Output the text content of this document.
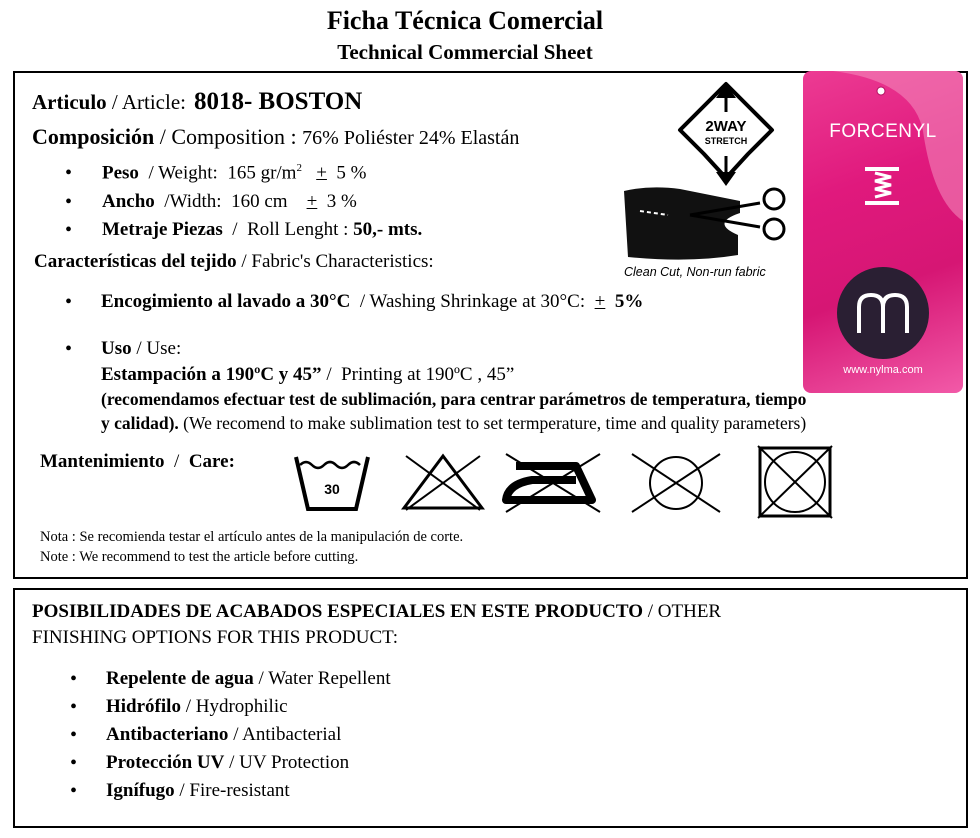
Ficha Técnica Comercial
Technical Commercial Sheet
Articulo / Article: 8018- BOSTON
Composición / Composition : 76% Poliéster 24% Elastán
• Peso  / Weight: 165 $gr/m^2 + 5$ %
• Ancho /Width: 160 cm + 3 %
• Metraje Piezas  /  Roll Lenght : 50,- mts.
Características del tejido / Fabric's Characteristics:
• Encogimiento al lavado a 30°C  / Washing Shrinkage at 30°C: + 5%
• Uso / Use:
Estampación a 190ºC y 45” /  Printing at 190ºC , 45”
(recomendamos efectuar test de sublimación, para centrar parámetros de temperatura, tiempo
y calidad). (We recomend to make sublimation test to set termperature, time and quality parameters)
Mantenimiento  /  Care:
30
Nota : Se recomienda testar el artículo antes de la manipulación de corte.
Note : We recommend to test the article before cutting.
2WAY
STRETCH
Clean Cut, Non-run fabric
FORCENYL
www.nylma.com
POSIBILIDADES DE ACABADOS ESPECIALES EN ESTE PRODUCTO / OTHER
FINISHING OPTIONS FOR THIS PRODUCT:
• Repelente de agua / Water Repellent
• Hidrófilo / Hydrophilic
• Antibacteriano / Antibacterial
• Protección UV / UV Protection
• Ignífugo / Fire-resistant
